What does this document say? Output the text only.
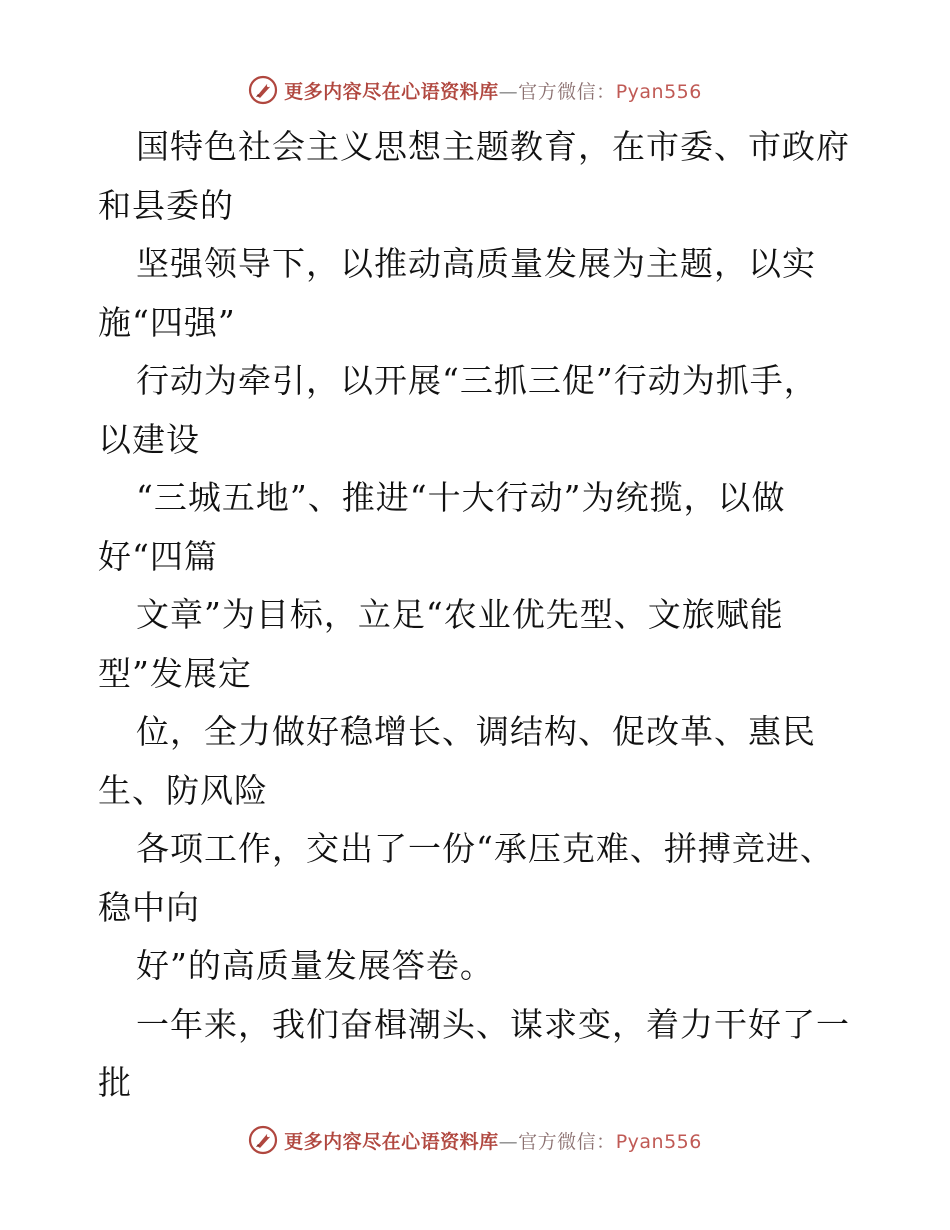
更多内容尽在心语资料库—官方微信：Pyan556
国特色社会主义思想主题教育，在市委、市政府
和县委的
坚强领导下，以推动高质量发展为主题，以实
施“四强”
行动为牵引，以开展“三抓三促”行动为抓手，
以建设
“三城五地”、推进“十大行动”为统揽，以做
好“四篇
文章”为目标，立足“农业优先型、文旅赋能
型”发展定
位，全力做好稳增长、调结构、促改革、惠民
生、防风险
各项工作，交出了一份“承压克难、拼搏竞进、
稳中向
好”的高质量发展答卷。
一年来，我们奋楫潮头、谋求变，着力干好了一
批
更多内容尽在心语资料库—官方微信：Pyan556
